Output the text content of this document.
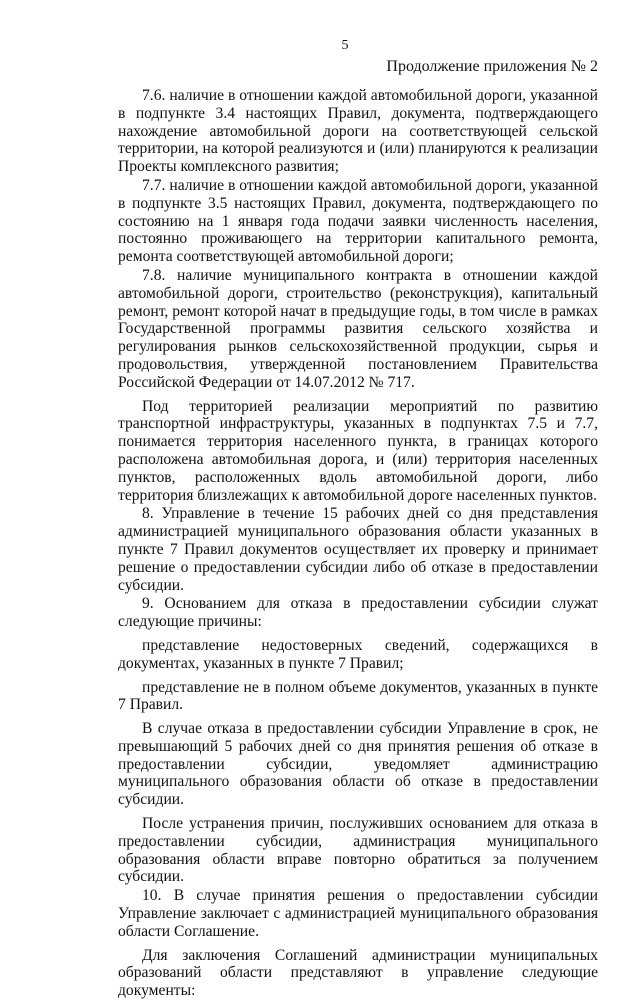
5
Продолжение приложения № 2

7.6. наличие в отношении каждой автомобильной дороги, указанной в подпункте 3.4 настоящих Правил, документа, подтверждающего нахождение автомобильной дороги на соответствующей сельской территории, на которой реализуются и (или) планируются к реализации Проекты комплексного развития;

7.7. наличие в отношении каждой автомобильной дороги, указанной в подпункте 3.5 настоящих Правил, документа, подтверждающего по состоянию на 1 января года подачи заявки численность населения, постоянно проживающего на территории капитального ремонта, ремонта соответствующей автомобильной дороги;

7.8. наличие муниципального контракта в отношении каждой автомобильной дороги, строительство (реконструкция), капитальный ремонт, ремонт которой начат в предыдущие годы, в том числе в рамках Государственной программы развития сельского хозяйства и регулирования рынков сельскохозяйственной продукции, сырья и продовольствия, утвержденной постановлением Правительства Российской Федерации от 14.07.2012 № 717.

Под территорией реализации мероприятий по развитию транспортной инфраструктуры, указанных в подпунктах 7.5 и 7.7, понимается территория населенного пункта, в границах которого расположена автомобильная дорога, и (или) территория населенных пунктов, расположенных вдоль автомобильной дороги, либо территория близлежащих к автомобильной дороге населенных пунктов.

8. Управление в течение 15 рабочих дней со дня представления администрацией муниципального образования области указанных в пункте 7 Правил документов осуществляет их проверку и принимает решение о предоставлении субсидии либо об отказе в предоставлении субсидии.

9. Основанием для отказа в предоставлении субсидии служат следующие причины:

представление недостоверных сведений, содержащихся в документах, указанных в пункте 7 Правил;

представление не в полном объеме документов, указанных в пункте 7 Правил.

В случае отказа в предоставлении субсидии Управление в срок, не превышающий 5 рабочих дней со дня принятия решения об отказе в предоставлении субсидии, уведомляет администрацию муниципального образования области об отказе в предоставлении субсидии.

После устранения причин, послуживших основанием для отказа в предоставлении субсидии, администрация муниципального образования области вправе повторно обратиться за получением субсидии.

10. В случае принятия решения о предоставлении субсидии Управление заключает с администрацией муниципального образования области Соглашение.

Для заключения Соглашений администрации муниципальных образований области представляют в управление следующие документы:
